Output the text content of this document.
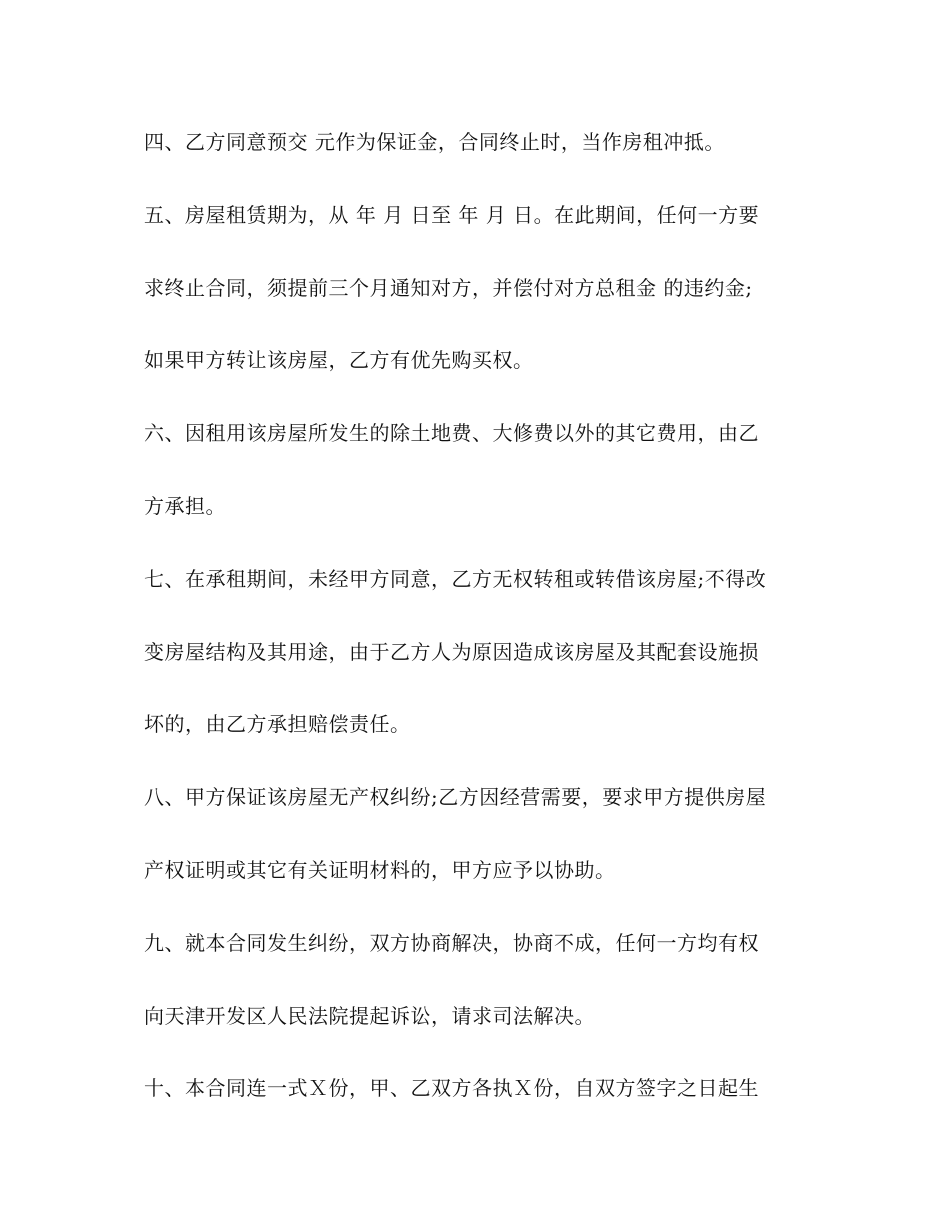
四、乙方同意预交 元作为保证金，合同终止时，当作房租冲抵。
五、房屋租赁期为，从 年 月 日至 年 月 日。在此期间，任何一方要
求终止合同，须提前三个月通知对方，并偿付对方总租金 的违约金;
如果甲方转让该房屋，乙方有优先购买权。
六、因租用该房屋所发生的除土地费、大修费以外的其它费用，由乙
方承担。
七、在承租期间，未经甲方同意，乙方无权转租或转借该房屋;不得改
变房屋结构及其用途，由于乙方人为原因造成该房屋及其配套设施损
坏的，由乙方承担赔偿责任。
八、甲方保证该房屋无产权纠纷;乙方因经营需要，要求甲方提供房屋
产权证明或其它有关证明材料的，甲方应予以协助。
九、就本合同发生纠纷，双方协商解决，协商不成，任何一方均有权
向天津开发区人民法院提起诉讼，请求司法解决。
十、本合同连一式Ｘ份，甲、乙双方各执Ｘ份，自双方签字之日起生
